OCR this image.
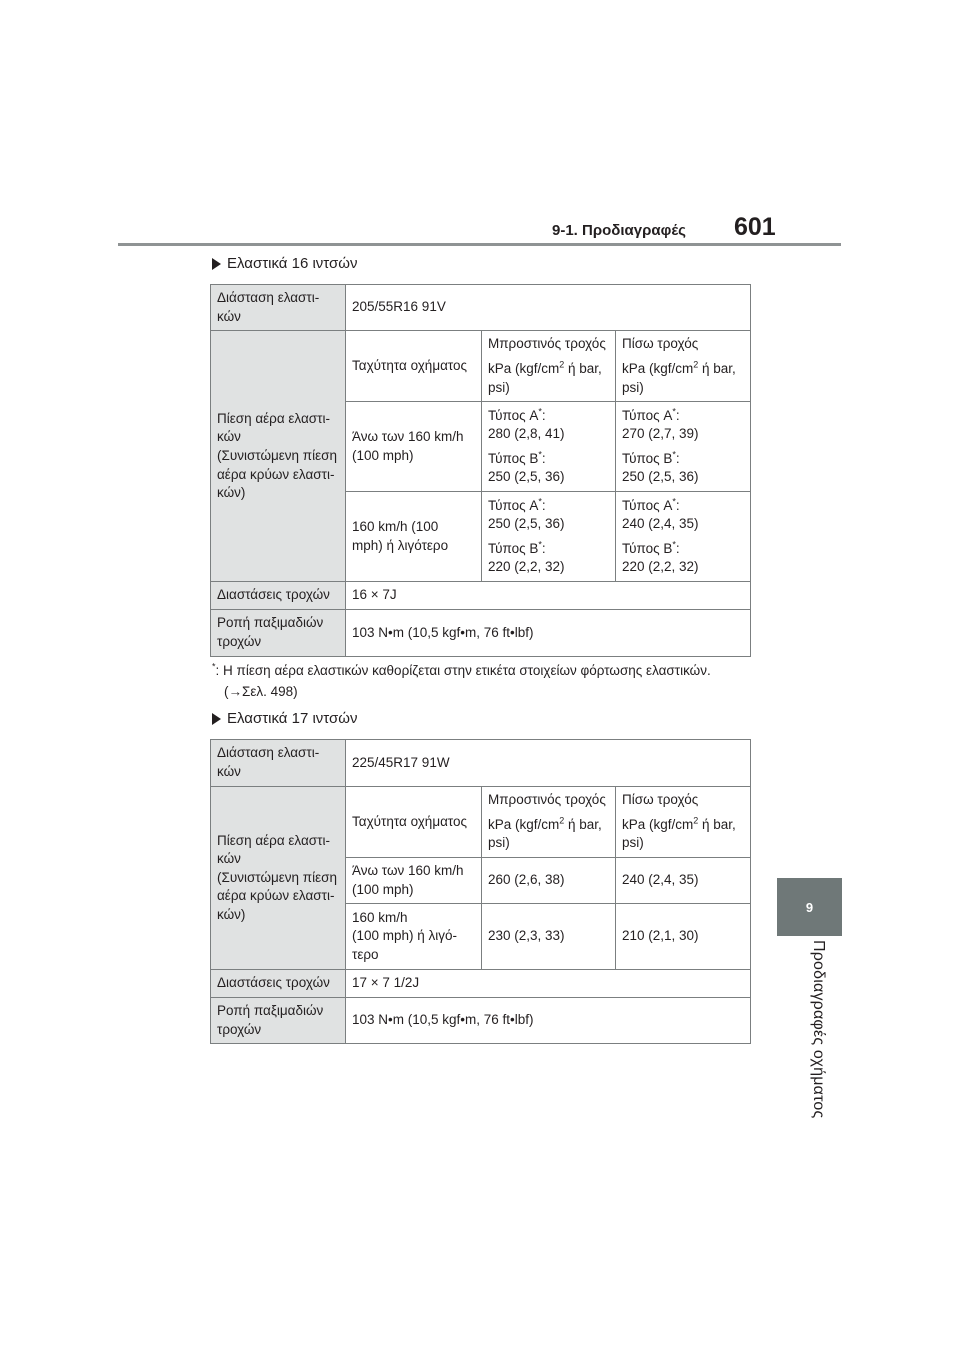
9-1. Προδιαγραφές 601
9
Προδιαγραφές οχήματος
Ελαστικά 16 ιντσών
Διάσταση ελαστι-
κών	205/55R16 91V		
Πίεση αέρα ελαστι-
κών
(Συνιστώμενη πίεση
αέρα κρύων ελαστι-
κών)	Ταχύτητα οχήματος	Μπροστινός τροχός
kPa ($kgf/cm^2$ ή bar,
psi)	Πίσω τροχός
kPa ($kgf/cm^2$ ή bar,
psi)

	Άνω των 160 km/h
(100 mph)	Τύπος A*:
280 (2,8, 41)
Τύπος B*:
250 (2,5, 36)	Τύπος A*:
270 (2,7, 39)
Τύπος B*:
250 (2,5, 36)

	160 km/h (100
mph) ή λιγότερο	Τύπος A*:
250 (2,5, 36)
Τύπος B*:
220 (2,2, 32)	Τύπος A*:
240 (2,4, 35)
Τύπος B*:
220 (2,2, 32)

Διαστάσεις τροχών	16 × 7J		
Ροπή παξιμαδιών
τροχών	103 N•m (10,5 kgf•m, 76 ft•lbf)		
*: Η πίεση αέρα ελαστικών καθορίζεται στην ετικέτα στοιχείων φόρτωσης ελαστικών.
(→Σελ. 498)
Ελαστικά 17 ιντσών
Διάσταση ελαστι-
κών	225/45R17 91W		
Πίεση αέρα ελαστι-
κών
(Συνιστώμενη πίεση
αέρα κρύων ελαστι-
κών)	Ταχύτητα οχήματος	Μπροστινός τροχός
kPa ($kgf/cm^2$ ή bar,
psi)	Πίσω τροχός
kPa ($kgf/cm^2$ ή bar,
psi)

	Άνω των 160 km/h
(100 mph)	260 (2,6, 38)	240 (2,4, 35)
	160 km/h
(100 mph) ή λιγό-
τερο	230 (2,3, 33)	210 (2,1, 30)
Διαστάσεις τροχών	17 × 7 1/2J		
Ροπή παξιμαδιών
τροχών	103 N•m (10,5 kgf•m, 76 ft•lbf)		
